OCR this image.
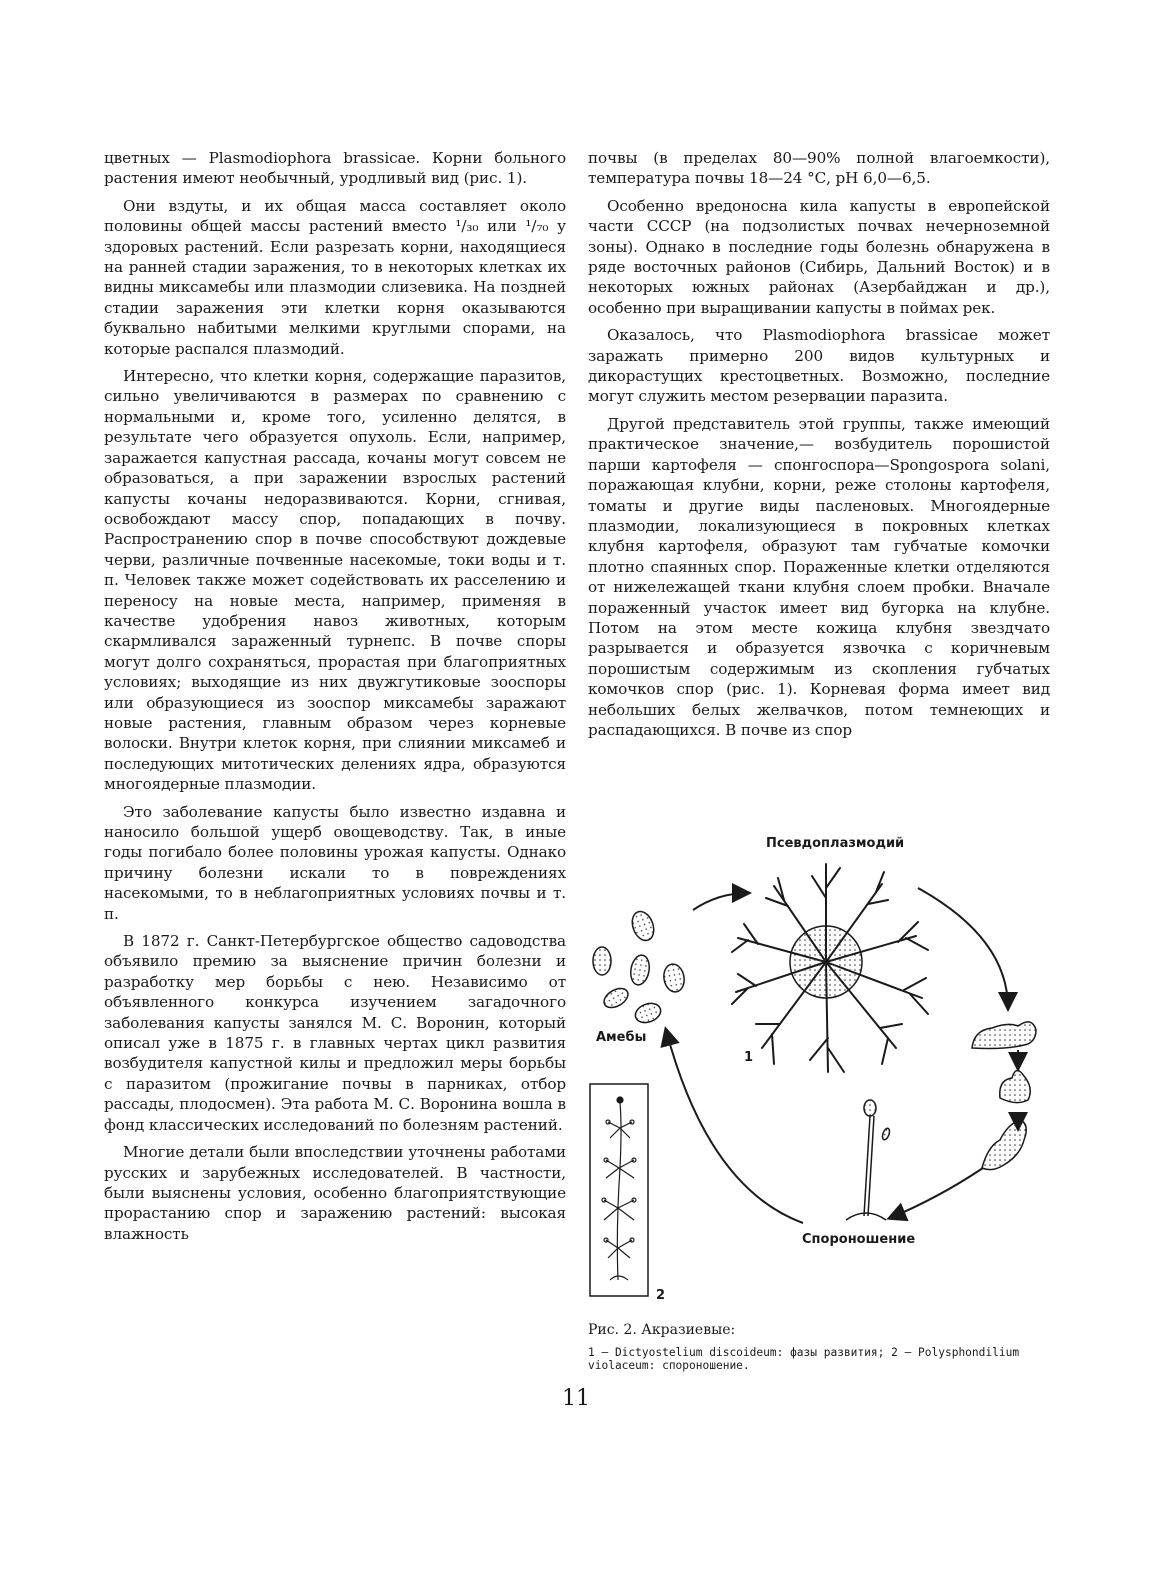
цветных — Plasmodiophora brassicae. Корни больного растения имеют необычный, уродливый вид (рис. 1).

Они вздуты, и их общая масса составляет около половины общей массы растений вместо ¹/₃₀ или ¹/₇₀ у здоровых растений. Если разрезать корни, находящиеся на ранней стадии заражения, то в некоторых клетках их видны миксамебы или плазмодии слизевика. На поздней стадии заражения эти клетки корня оказываются буквально набитыми мелкими круглыми спорами, на которые распался плазмодий.

Интересно, что клетки корня, содержащие паразитов, сильно увеличиваются в размерах по сравнению с нормальными и, кроме того, усиленно делятся, в результате чего образуется опухоль. Если, например, заражается капустная рассада, кочаны могут совсем не образоваться, а при заражении взрослых растений капусты кочаны недоразвиваются. Корни, сгнивая, освобождают массу спор, попадающих в почву. Распространению спор в почве способствуют дождевые черви, различные почвенные насекомые, токи воды и т. п. Человек также может содействовать их расселению и переносу на новые места, например, применяя в качестве удобрения навоз животных, которым скармливался зараженный турнепс. В почве споры могут долго сохраняться, прорастая при благоприятных условиях; выходящие из них двужгутиковые зооспоры или образующиеся из зооспор миксамебы заражают новые растения, главным образом через корневые волоски. Внутри клеток корня, при слиянии миксамеб и последующих митотических делениях ядра, образуются многоядерные плазмодии.

Это заболевание капусты было известно издавна и наносило большой ущерб овощеводству. Так, в иные годы погибало более половины урожая капусты. Однако причину болезни искали то в повреждениях насекомыми, то в неблагоприятных условиях почвы и т. п.

В 1872 г. Санкт-Петербургское общество садоводства объявило премию за выяснение причин болезни и разработку мер борьбы с нею. Независимо от объявленного конкурса изучением загадочного заболевания капусты занялся М. С. Воронин, который описал уже в 1875 г. в главных чертах цикл развития возбудителя капустной килы и предложил меры борьбы с паразитом (прожигание почвы в парниках, отбор рассады, плодосмен). Эта работа М. С. Воронина вошла в фонд классических исследований по болезням растений.

Многие детали были впоследствии уточнены работами русских и зарубежных исследователей. В частности, были выяснены условия, особенно благоприятствующие прорастанию спор и заражению растений: высокая влажность

почвы (в пределах 80—90% полной влагоемкости), температура почвы 18—24 °С, pH 6,0—6,5.

Особенно вредоносна кила капусты в европейской части СССР (на подзолистых почвах нечерноземной зоны). Однако в последние годы болезнь обнаружена в ряде восточных районов (Сибирь, Дальний Восток) и в некоторых южных районах (Азербайджан и др.), особенно при выращивании капусты в поймах рек.

Оказалось, что Plasmodiophora brassicae может заражать примерно 200 видов культурных и дикорастущих крестоцветных. Возможно, последние могут служить местом резервации паразита.

Другой представитель этой группы, также имеющий практическое значение,— возбудитель порошистой парши картофеля — спонгоспора—Spongospora solani, поражающая клубни, корни, реже столоны картофеля, томаты и другие виды пасленовых. Многоядерные плазмодии, локализующиеся в покровных клетках клубня картофеля, образуют там губчатые комочки плотно спаянных спор. Пораженные клетки отделяются от нижележащей ткани клубня слоем пробки. Вначале пораженный участок имеет вид бугорка на клубне. Потом на этом месте кожица клубня звездчато разрывается и образуется язвочка с коричневым порошистым содержимым из скопления губчатых комочков спор (рис. 1). Корневая форма имеет вид небольших белых желвачков, потом темнеющих и распадающихся. В почве из спор

Псевдоплазмодий
Амебы
1
Спороношение
2
Рис. 2. Акразиевые:
1 — Dictyostelium discoideum: фазы развития; 2 — Polysphondilium violaceum: спороношение.
11
